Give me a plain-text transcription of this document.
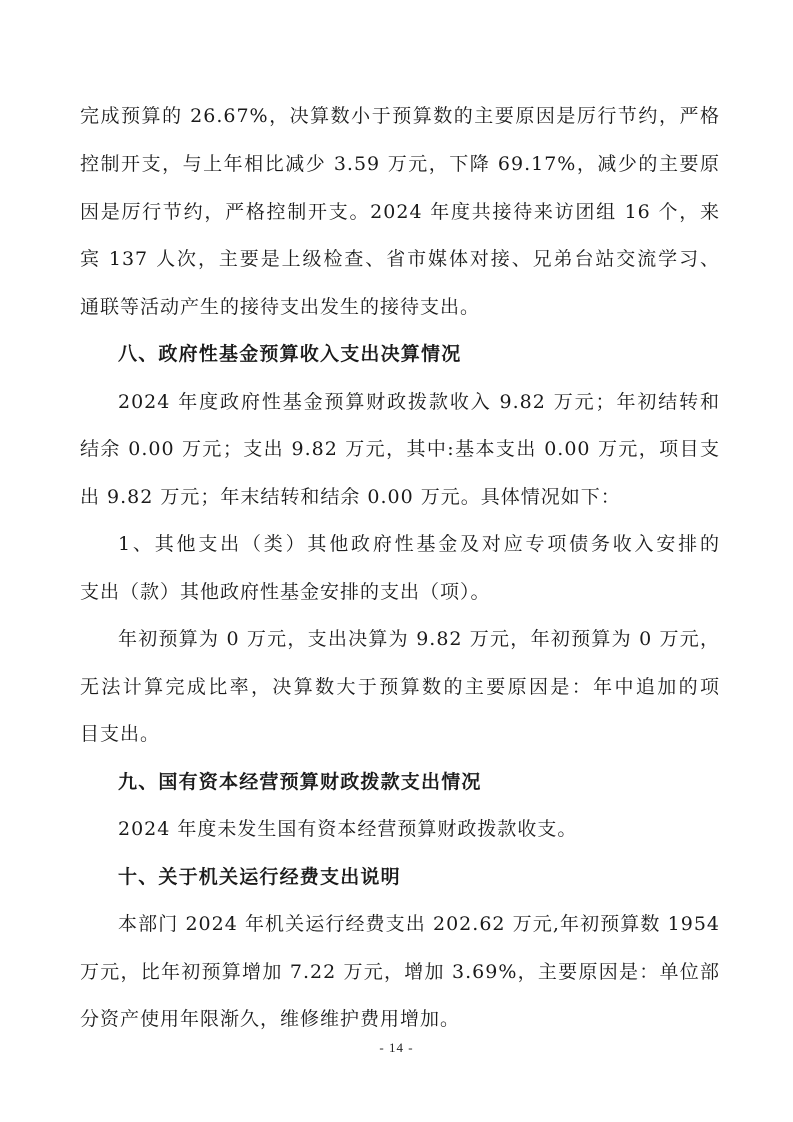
完成预算的 26.67%，决算数小于预算数的主要原因是厉行节约，严格
控制开支，与上年相比减少 3.59 万元，下降 69.17%，减少的主要原
因是厉行节约，严格控制开支。2024 年度共接待来访团组 16 个，来
宾 137 人次，主要是上级检查、省市媒体对接、兄弟台站交流学习、
通联等活动产生的接待支出发生的接待支出。
八、政府性基金预算收入支出决算情况
2024 年度政府性基金预算财政拨款收入 9.82 万元；年初结转和
结余 0.00 万元；支出 9.82 万元，其中:基本支出 0.00 万元，项目支
出 9.82 万元；年末结转和结余 0.00 万元。具体情况如下：
1、其他支出（类）其他政府性基金及对应专项债务收入安排的
支出（款）其他政府性基金安排的支出（项）。
年初预算为 0 万元，支出决算为 9.82 万元，年初预算为 0 万元，
无法计算完成比率，决算数大于预算数的主要原因是：年中追加的项
目支出。
九、国有资本经营预算财政拨款支出情况
2024 年度未发生国有资本经营预算财政拨款收支。
十、关于机关运行经费支出说明
本部门 2024 年机关运行经费支出 202.62 万元,年初预算数 1954
万元，比年初预算增加 7.22 万元，增加 3.69%，主要原因是：单位部
分资产使用年限渐久，维修维护费用增加。
- 14 -
